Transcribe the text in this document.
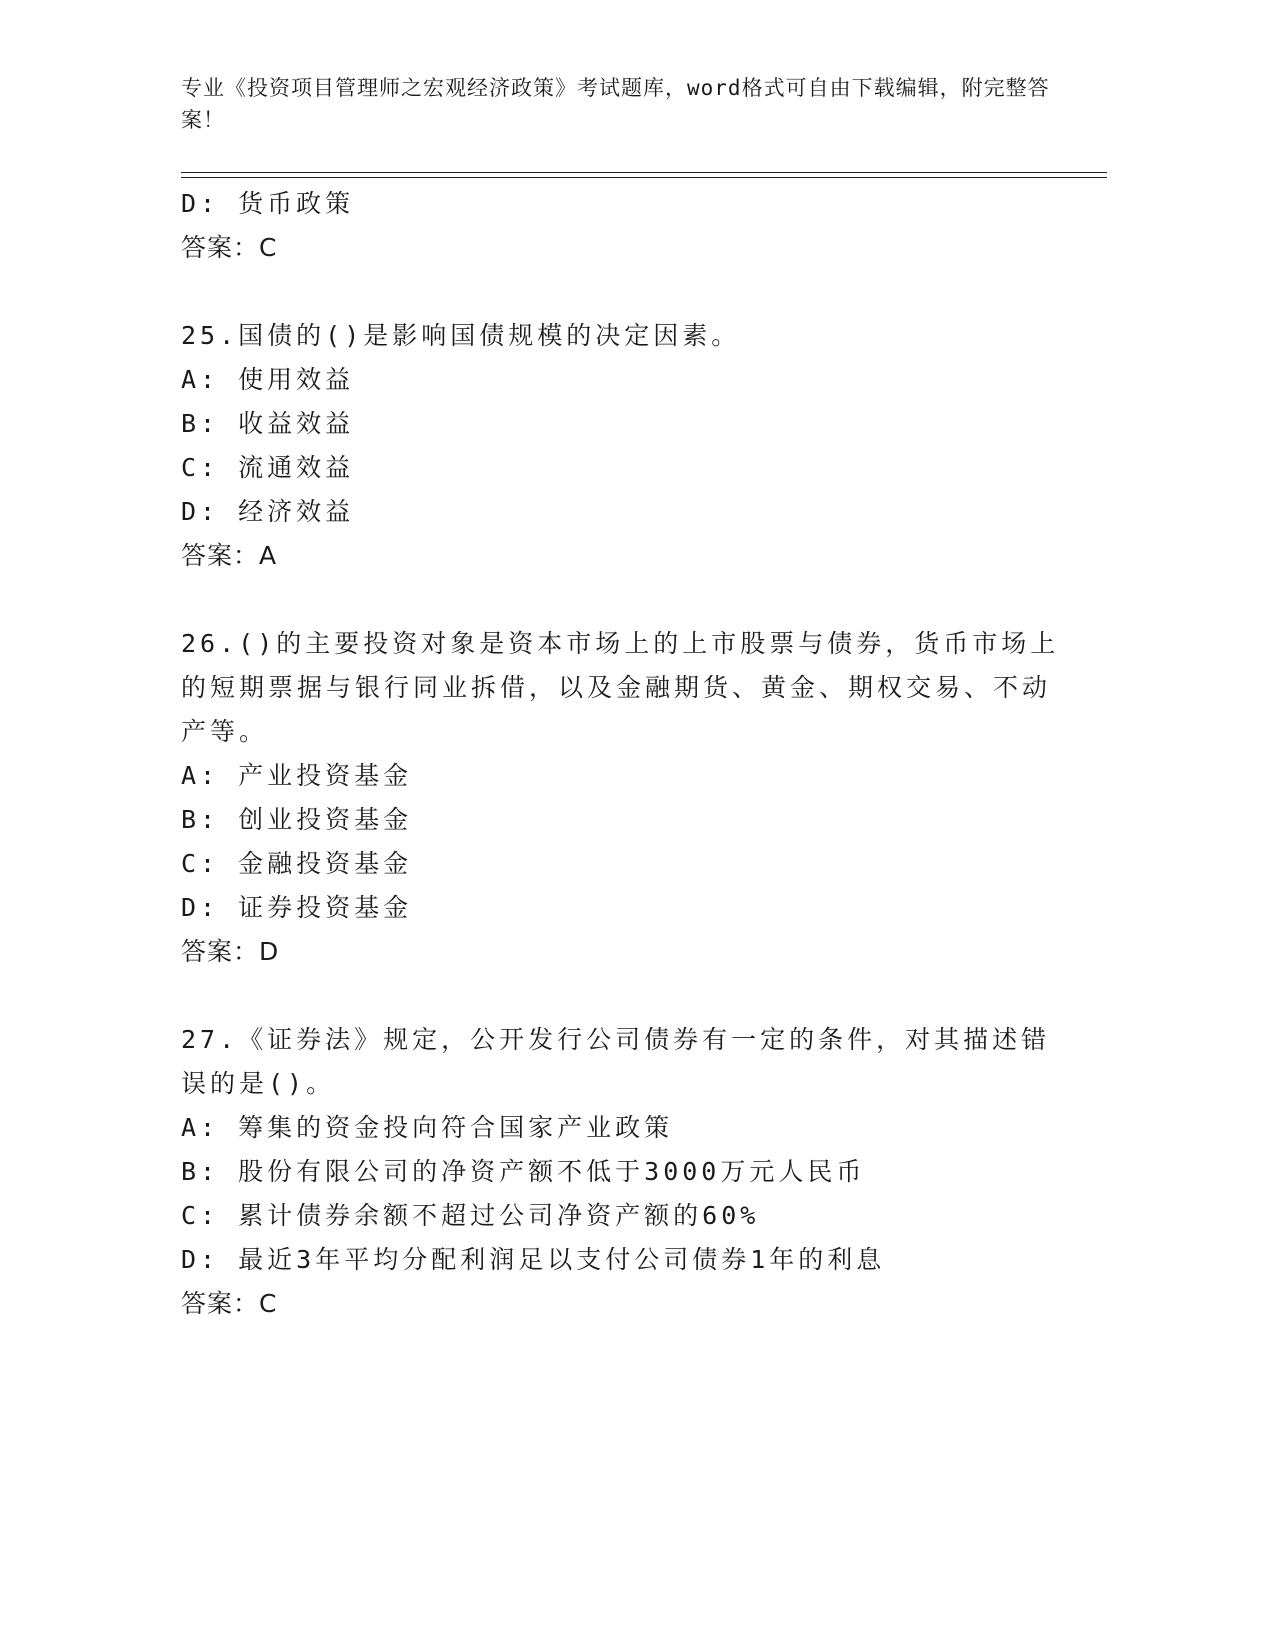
专业《投资项目管理师之宏观经济政策》考试题库，word格式可自由下载编辑，附完整答案！
D: 货币政策
答案：C
25.国债的()是影响国债规模的决定因素。
A: 使用效益
B: 收益效益
C: 流通效益
D: 经济效益
答案：A
26.()的主要投资对象是资本市场上的上市股票与债券，货币市场上的短期票据与银行同业拆借，以及金融期货、黄金、期权交易、不动产等。
A: 产业投资基金
B: 创业投资基金
C: 金融投资基金
D: 证券投资基金
答案：D
27.《证券法》规定，公开发行公司债券有一定的条件，对其描述错误的是()。
A: 筹集的资金投向符合国家产业政策
B: 股份有限公司的净资产额不低于3000万元人民币
C: 累计债券余额不超过公司净资产额的60%
D: 最近3年平均分配利润足以支付公司债券1年的利息
答案：C
